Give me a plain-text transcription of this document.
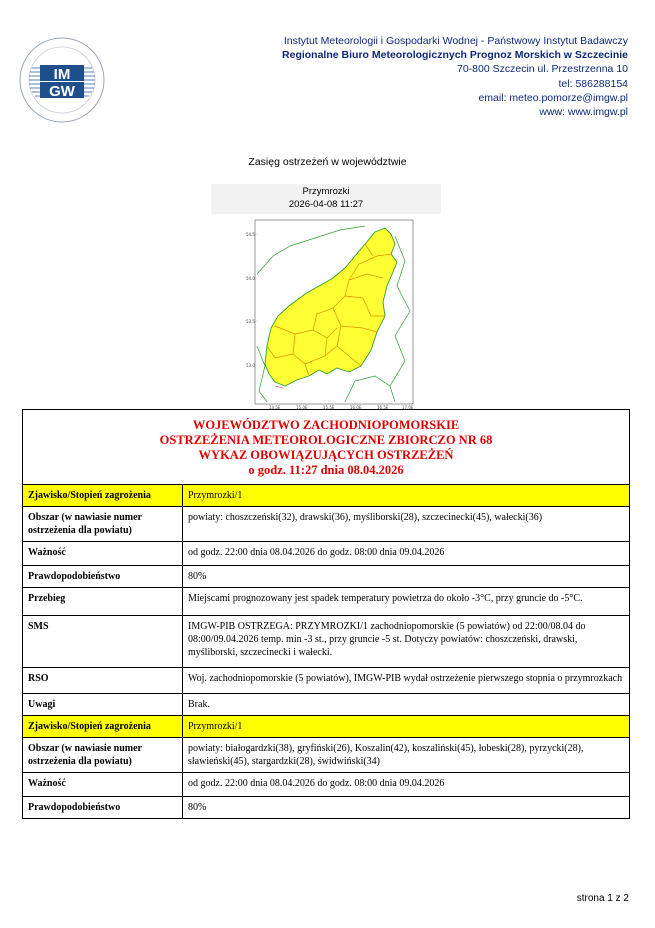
IM
GW
Instytut Meteorologii i Gospodarki Wodnej - Państwowy Instytut Badawczy
Regionalne Biuro Meteorologicznych Prognoz Morskich w Szczecinie
70-800 Szczecin ul. Przestrzenna 10
tel: 586288154
email: meteo.pomorze@imgw.pl
www: www.imgw.pl
Zasięg ostrzeżeń w województwie
Przymrozki
2026-04-08 11:27
54.5
54.0
53.5
53.0
14.5E	15.0E	15.5E	16.0E	16.5E	17.0E
WOJEWÓDZTWO ZACHODNIOPOMORSKIE
OSTRZEŻENIA METEOROLOGICZNE ZBIORCZO NR 68
WYKAZ OBOWIĄZUJĄCYCH OSTRZEŻEŃ
o godz. 11:27 dnia 08.04.2026	

Zjawisko/Stopień zagrożenia	Przymrozki/1
Obszar (w nawiasie numer ostrzeżenia dla powiatu)	powiaty: choszczeński(32), drawski(36), myśliborski(28), szczecinecki(45), wałecki(36)
Ważność	od godz. 22:00 dnia 08.04.2026 do godz. 08:00 dnia 09.04.2026
Prawdopodobieństwo	80%
Przebieg	Miejscami prognozowany jest spadek temperatury powietrza do około -3°C, przy gruncie do -5°C.
SMS	IMGW-PIB OSTRZEGA: PRZYMROZKI/1 zachodniopomorskie (5 powiatów) od 22:00/08.04 do 08:00/09.04.2026 temp. min -3 st., przy gruncie -5 st. Dotyczy powiatów: choszczeński, drawski, myśliborski, szczecinecki i wałecki.
RSO	Woj. zachodniopomorskie (5 powiatów), IMGW-PIB wydał ostrzeżenie pierwszego stopnia o przymrozkach
Uwagi	Brak.
Zjawisko/Stopień zagrożenia	Przymrozki/1
Obszar (w nawiasie numer ostrzeżenia dla powiatu)	powiaty: białogardzki(38), gryfiński(26), Koszalin(42), koszaliński(45), łobeski(28), pyrzycki(28), sławieński(45), stargardzki(28), świdwiński(34)
Ważność	od godz. 22:00 dnia 08.04.2026 do godz. 08:00 dnia 09.04.2026
Prawdopodobieństwo	80%
strona 1 z 2
